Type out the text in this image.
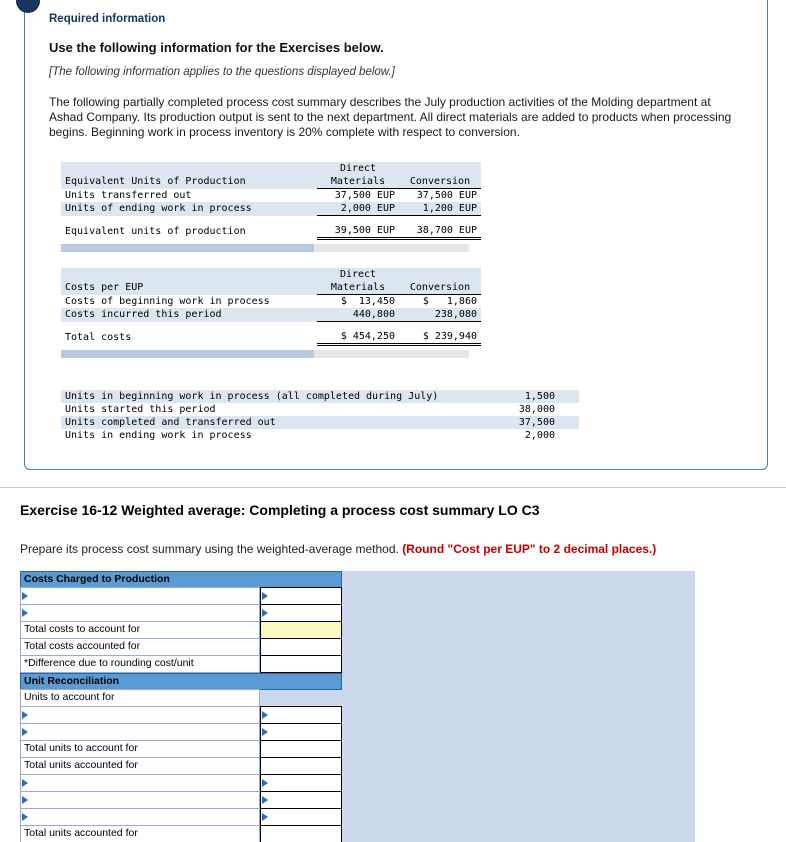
Required information
Use the following information for the Exercises below.
[The following information applies to the questions displayed below.]
The following partially completed process cost summary describes the July production activities of the Molding department at Ashad Company. Its production output is sent to the next department. All direct materials are added to products when processing begins. Beginning work in process inventory is 20% complete with respect to conversion.
	Direct	
Equivalent Units of Production	Materials	Conversion
Units transferred out	37,500 EUP	37,500 EUP
Units of ending work in process	2,000 EUP	1,200 EUP

Equivalent units of production	39,500 EUP	38,700 EUP
	Direct	
Costs per EUP	Materials	Conversion
Costs of beginning work in process	$  13,450	$   1,860
Costs incurred this period	440,800	238,080

Total costs	$ 454,250	$ 239,940
Units in beginning work in process (all completed during July)	1,500
Units started this period	38,000
Units completed and transferred out	37,500
Units in ending work in process	2,000
Exercise 16-12 Weighted average: Completing a process cost summary LO C3

Prepare its process cost summary using the weighted-average method. (Round "Cost per EUP" to 2 decimal places.)

Costs Charged to Production
Total costs to account for
Total costs accounted for
*Difference due to rounding cost/unit
Unit Reconciliation
Units to account for
Total units to account for
Total units accounted for
Total units accounted for
